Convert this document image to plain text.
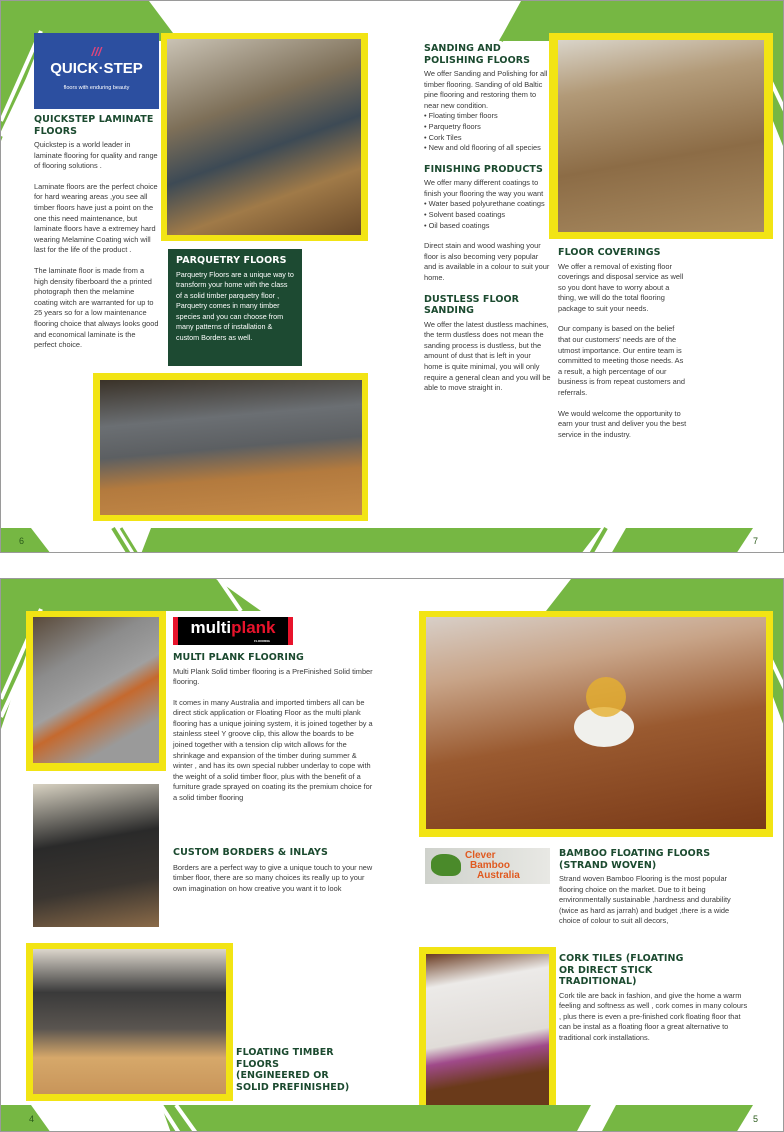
///
QUICK·STEP
floors with enduring beauty
QUICKSTEP LAMINATE FLOORS

Quickstep is a world leader in laminate flooring for quality and range of flooring solutions .

Laminate floors are the perfect choice for hard wearing areas ,you see all timber floors have just a point on the one this need maintenance, but laminate floors have a extremey hard wearing Melamine Coating wich will last for the life of the product .

The laminate floor is made from a high density fiberboard the a printed photograph then the melamine coating witch are warranted for up to 25 years so for a low maintenance flooring choice that always looks good and economical laminate is the perfect choice.

PARQUETRY FLOORS

Parquetry Floors are a unique way to transform your home with the class of a solid timber parquetry floor , Parquetry comes in many timber species and you can choose from many patterns of installation & custom Borders as well.

SANDING AND POLISHING FLOORS

We offer Sanding and Polishing for all timber flooring. Sanding of old Baltic pine flooring and restoring them to near new condition.

• Floating timber floors
• Parquetry floors
• Cork Tiles
• New and old flooring of all species
FINISHING PRODUCTS

We offer many different coatings to finish your flooring the way you want

• Water based polyurethane coatings
• Solvent based coatings
• Oil based coatings

Direct stain and wood washing your floor is also becoming very popular and is available in a colour to suit your home.

DUSTLESS FLOOR SANDING

We offer the latest dustless machines, the term dustless does not mean the sanding process is dustless, but the amount of dust that is left in your home is quite minimal, you will only require a general clean and you will be able to move straight in.

FLOOR COVERINGS

We offer a removal of existing floor coverings and disposal service as well so you dont have to worry about a thing, we will do the total flooring package to suit your needs.

Our company is based on the belief that our customers' needs are of the utmost importance. Our entire team is committed to meeting those needs. As a result, a high percentage of our business is from repeat customers and referrals.

We would welcome the opportunity to earn your trust and deliver you the best service in the industry.

6	7
multiplank
FLOORING
MULTI PLANK FLOORING

Multi Plank Solid timber flooring is a PreFinished Solid timber flooring.

It comes in many Australia and imported timbers all can be direct stick application or Floating Floor as the multi plank flooring has a unique joining system, it is joined together by a stainless steel Y groove clip, this allow the boards to be joined together with a tension clip witch allows for the shrinkage and expansion of the timber during summer & winter , and has its own special rubber underlay to cope with the weight of a solid timber floor, plus with the benefit of a furniture grade sprayed on coating its the premium choice for a solid timber flooring

CUSTOM BORDERS & INLAYS

Borders are a perfect way to give a unique touch to your new timber floor, there are so many choices its really up to your own imagination on how creative you want it to look

FLOATING TIMBER FLOORS (ENGINEERED OR SOLID PREFINISHED)
Clever
Bamboo
Australia
BAMBOO FLOATING FLOORS (STRAND WOVEN)

Strand woven Bamboo Flooring is the most popular flooring choice on the market. Due to it being environmentally sustainable ,hardness and durability (twice as hard as jarrah) and budget ,there is a wide choice of colour to suit all decors,

CORK TILES (FLOATING OR DIRECT STICK TRADITIONAL)

Cork tile are back in fashion, and give the home a warm feeling and softness as well , cork comes in many colours , plus there is even a pre-finished cork floating floor that can be instal as a floating floor a great alternative to traditional cork installations.

4	5
